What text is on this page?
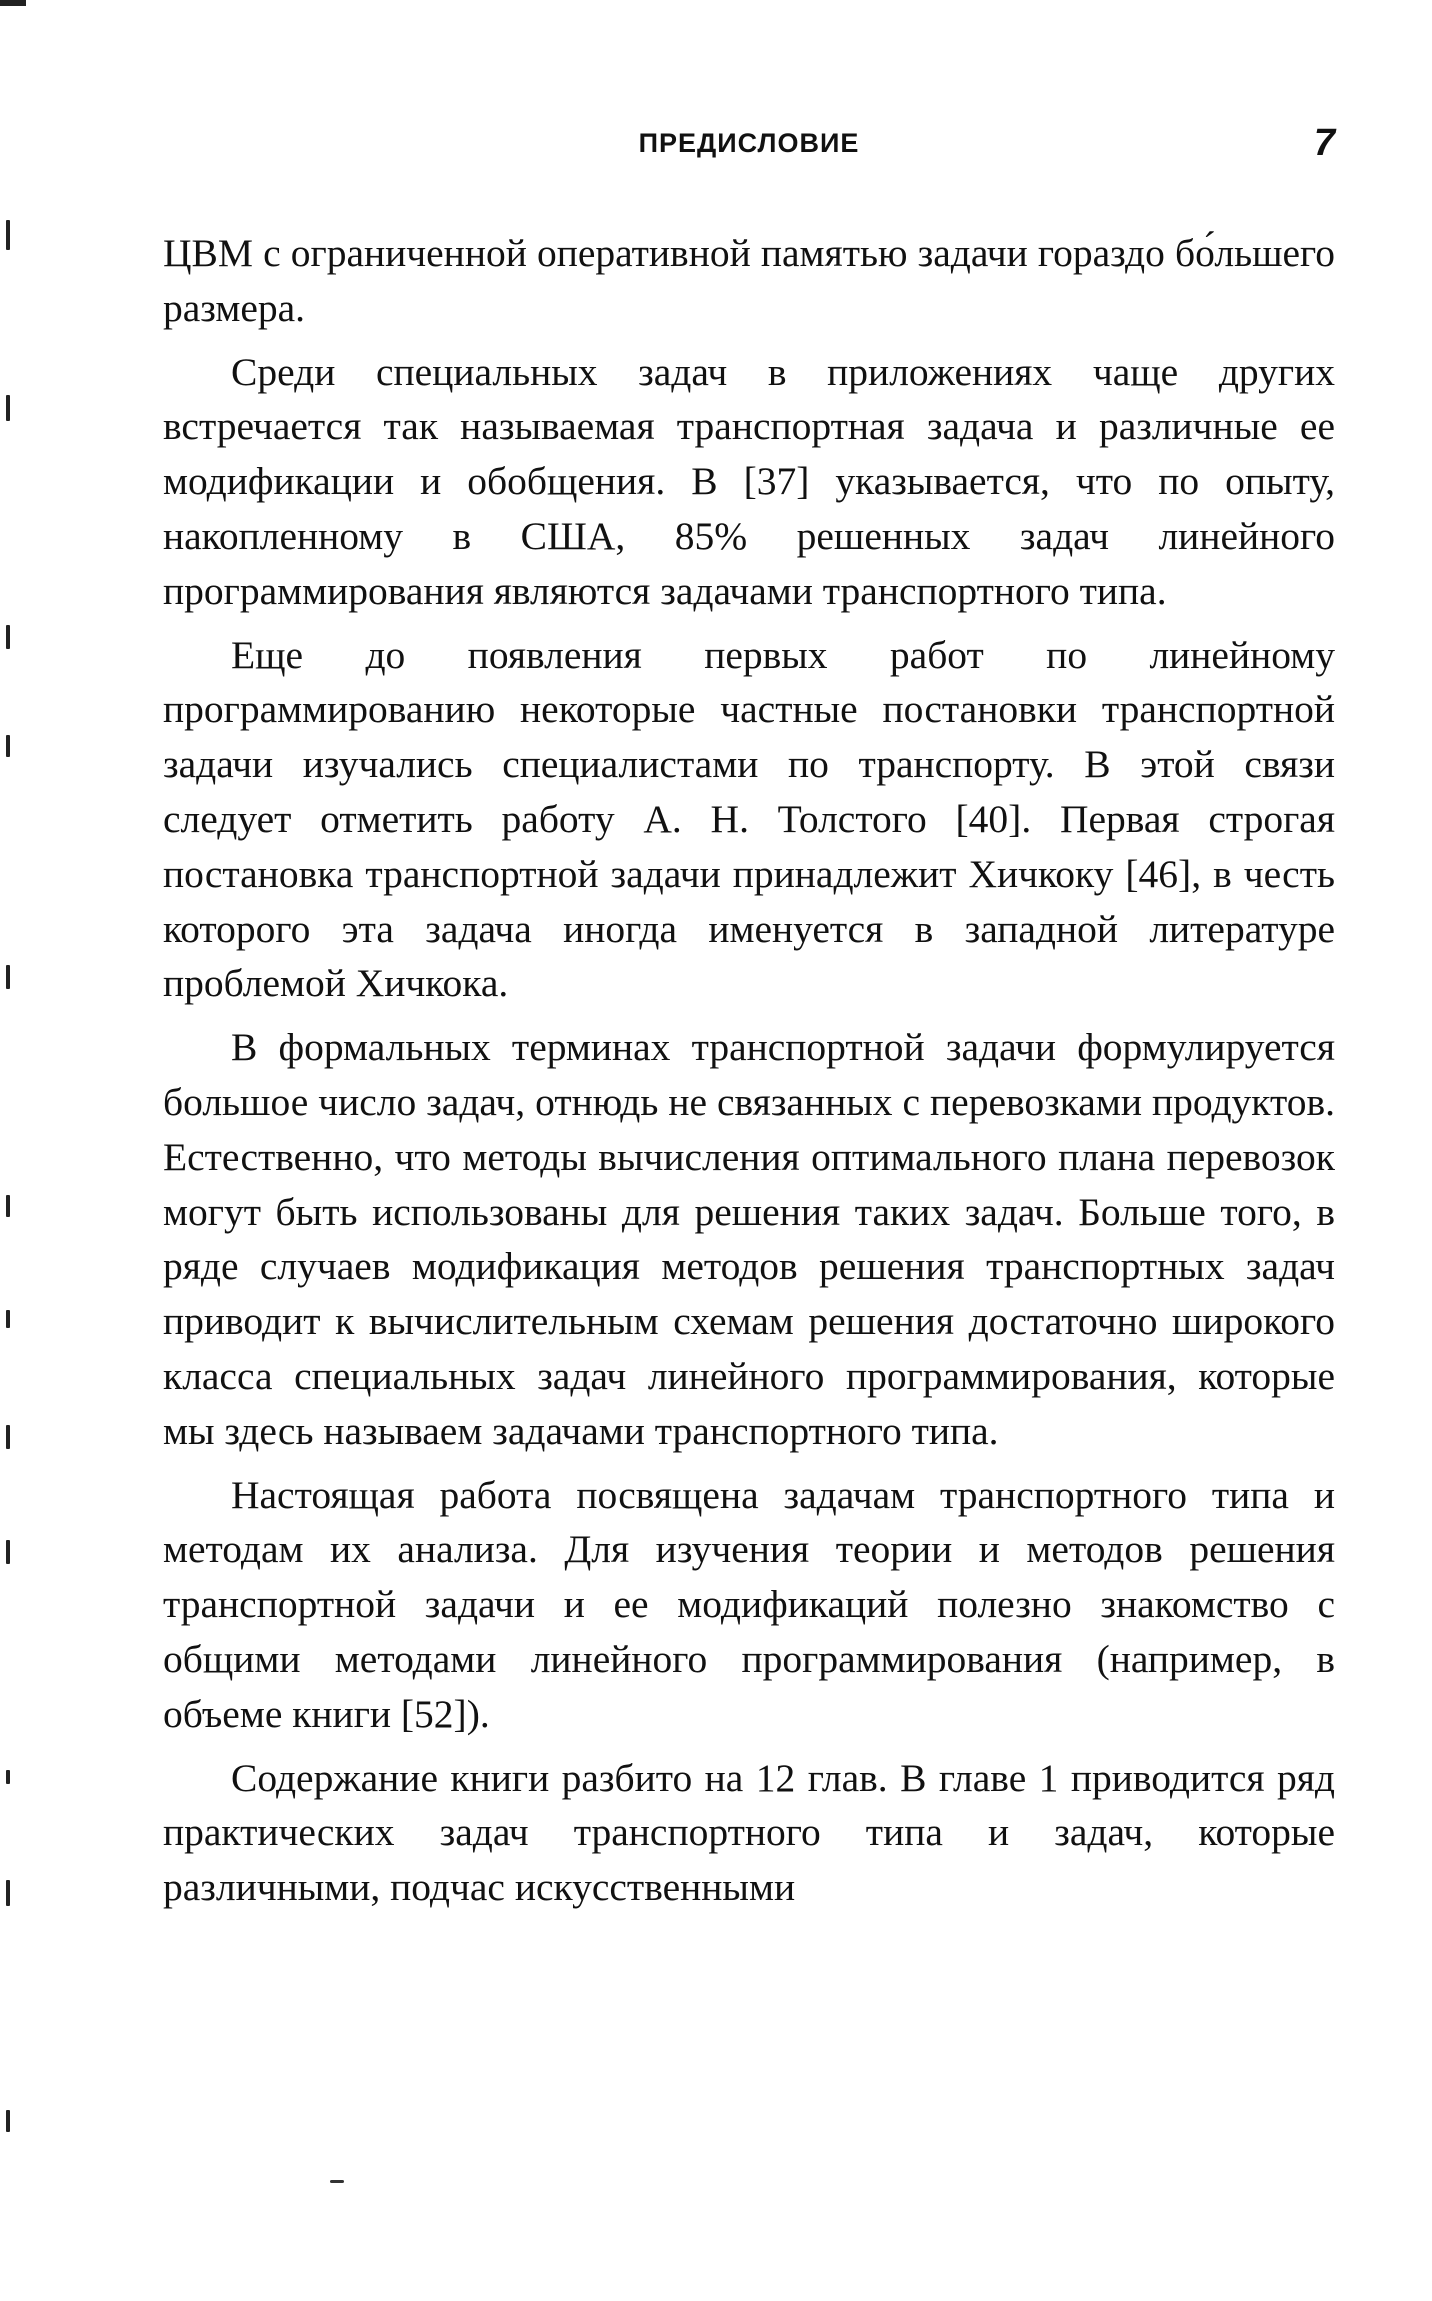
ПРЕДИСЛОВИЕ	7

ЦВМ с ограниченной оперативной памятью задачи гораздо бо́льшего размера.

Среди специальных задач в приложениях чаще других встречается так называемая транспортная задача и различные ее модификации и обобщения. В [37] указывается, что по опыту, накопленному в США, 85% решенных задач линейного программирования являются задачами транспортного типа.

Еще до появления первых работ по линейному программированию некоторые частные постановки транспортной задачи изучались специалистами по транспорту. В этой связи следует отметить работу А. Н. Толстого [40]. Первая строгая постановка транспортной задачи принадлежит Хичкоку [46], в честь которого эта задача иногда именуется в западной литературе проблемой Хичкока.

В формальных терминах транспортной задачи формулируется большое число задач, отнюдь не связанных с перевозками продуктов. Естественно, что методы вычисления оптимального плана перевозок могут быть использованы для решения таких задач. Больше того, в ряде случаев модификация методов решения транспортных задач приводит к вычислительным схемам решения достаточно широкого класса специальных задач линейного программирования, которые мы здесь называем задачами транспортного типа.

Настоящая работа посвящена задачам транспортного типа и методам их анализа. Для изучения теории и методов решения транспортной задачи и ее модификаций полезно знакомство с общими методами линейного программирования (например, в объеме книги [52]).

Содержание книги разбито на 12 глав. В главе 1 приводится ряд практических задач транспортного типа и задач, которые различными, подчас искусственными
